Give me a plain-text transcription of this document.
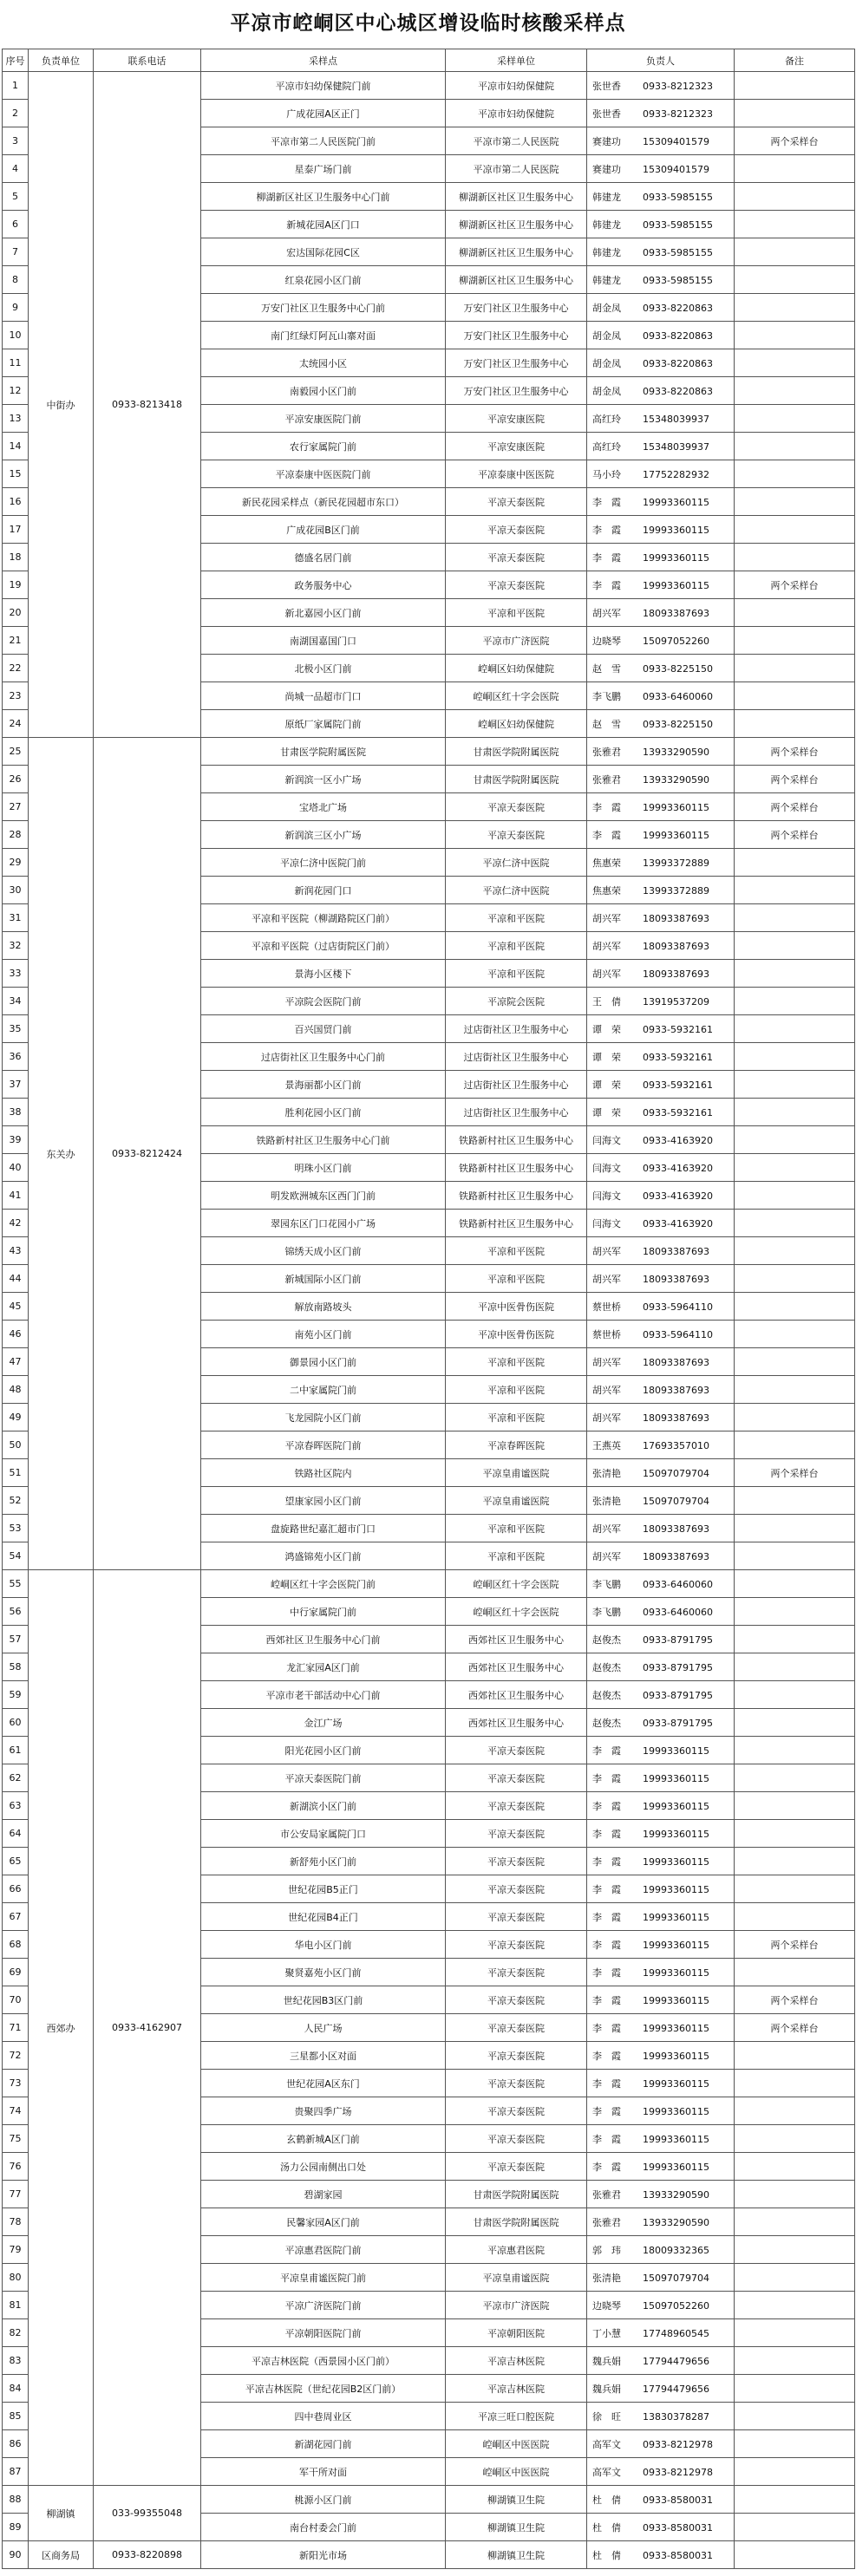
平凉市崆峒区中心城区增设临时核酸采样点
序号	负责单位	联系电话	采样点	采样单位	负责人	备注
1	中街办	0933-8213418	平凉市妇幼保健院门前	平凉市妇幼保健院	张世香 0933-8212323	
2			广成花园A区正门	平凉市妇幼保健院	张世香 0933-8212323	
3			平凉市第二人民医院门前	平凉市第二人民医院	赛建功 15309401579	两个采样台
4			星泰广场门前	平凉市第二人民医院	赛建功 15309401579	
5			柳湖新区社区卫生服务中心门前	柳湖新区社区卫生服务中心	韩建龙 0933-5985155	
6			新城花园A区门口	柳湖新区社区卫生服务中心	韩建龙 0933-5985155	
7			宏达国际花园C区	柳湖新区社区卫生服务中心	韩建龙 0933-5985155	
8			红泉花园小区门前	柳湖新区社区卫生服务中心	韩建龙 0933-5985155	
9			万安门社区卫生服务中心门前	万安门社区卫生服务中心	胡金凤 0933-8220863	
10			南门红绿灯阿瓦山寨对面	万安门社区卫生服务中心	胡金凤 0933-8220863	
11			太统园小区	万安门社区卫生服务中心	胡金凤 0933-8220863	
12			南毅园小区门前	万安门社区卫生服务中心	胡金凤 0933-8220863	
13			平凉安康医院门前	平凉安康医院	高红玲 15348039937	
14			农行家属院门前	平凉安康医院	高红玲 15348039937	
15			平凉泰康中医医院门前	平凉泰康中医医院	马小玲 17752282932	
16			新民花园采样点（新民花园超市东口）	平凉天泰医院	李　霞 19993360115	
17			广成花园B区门前	平凉天泰医院	李　霞 19993360115	
18			德盛名居门前	平凉天泰医院	李　霞 19993360115	
19			政务服务中心	平凉天泰医院	李　霞 19993360115	两个采样台
20			新北嘉园小区门前	平凉和平医院	胡兴军 18093387693	
21			南湖国嘉国门口	平凉市广济医院	边晓琴 15097052260	
22			北极小区门前	崆峒区妇幼保健院	赵　雪 0933-8225150	
23			尚城一品超市门口	崆峒区红十字会医院	李飞鹏 0933-6460060	
24			原纸厂家属院门前	崆峒区妇幼保健院	赵　雪 0933-8225150	
25	东关办	0933-8212424	甘肃医学院附属医院	甘肃医学院附属医院	张雅君 13933290590	两个采样台
26			新润滨一区小广场	甘肃医学院附属医院	张雅君 13933290590	两个采样台
27			宝塔北广场	平凉天泰医院	李　霞 19993360115	两个采样台
28			新润滨三区小广场	平凉天泰医院	李　霞 19993360115	两个采样台
29			平凉仁济中医院门前	平凉仁济中医院	焦惠荣 13993372889	
30			新润花园门口	平凉仁济中医院	焦惠荣 13993372889	
31			平凉和平医院（柳湖路院区门前）	平凉和平医院	胡兴军 18093387693	
32			平凉和平医院（过店街院区门前）	平凉和平医院	胡兴军 18093387693	
33			景海小区楼下	平凉和平医院	胡兴军 18093387693	
34			平凉院会医院门前	平凉院会医院	王　倩 13919537209	
35			百兴国贸门前	过店街社区卫生服务中心	谭　荣 0933-5932161	
36			过店街社区卫生服务中心门前	过店街社区卫生服务中心	谭　荣 0933-5932161	
37			景海丽都小区门前	过店街社区卫生服务中心	谭　荣 0933-5932161	
38			胜利花园小区门前	过店街社区卫生服务中心	谭　荣 0933-5932161	
39			铁路新村社区卫生服务中心门前	铁路新村社区卫生服务中心	闫海文 0933-4163920	
40			明珠小区门前	铁路新村社区卫生服务中心	闫海文 0933-4163920	
41			明发欧洲城东区西门门前	铁路新村社区卫生服务中心	闫海文 0933-4163920	
42			翠园东区门口花园小广场	铁路新村社区卫生服务中心	闫海文 0933-4163920	
43			锦绣天成小区门前	平凉和平医院	胡兴军 18093387693	
44			新城国际小区门前	平凉和平医院	胡兴军 18093387693	
45			解放南路坡头	平凉中医骨伤医院	蔡世桥 0933-5964110	
46			南苑小区门前	平凉中医骨伤医院	蔡世桥 0933-5964110	
47			御景园小区门前	平凉和平医院	胡兴军 18093387693	
48			二中家属院门前	平凉和平医院	胡兴军 18093387693	
49			飞龙园院小区门前	平凉和平医院	胡兴军 18093387693	
50			平凉春晖医院门前	平凉春晖医院	王燕英 17693357010	
51			铁路社区院内	平凉皇甫谧医院	张清艳 15097079704	两个采样台
52			望康家园小区门前	平凉皇甫谧医院	张清艳 15097079704	
53			盘旋路世纪嘉汇超市门口	平凉和平医院	胡兴军 18093387693	
54			鸿盛锦苑小区门前	平凉和平医院	胡兴军 18093387693	
55	西郊办	0933-4162907	崆峒区红十字会医院门前	崆峒区红十字会医院	李飞鹏 0933-6460060	
56			中行家属院门前	崆峒区红十字会医院	李飞鹏 0933-6460060	
57			西郊社区卫生服务中心门前	西郊社区卫生服务中心	赵俊杰 0933-8791795	
58			龙汇家园A区门前	西郊社区卫生服务中心	赵俊杰 0933-8791795	
59			平凉市老干部活动中心门前	西郊社区卫生服务中心	赵俊杰 0933-8791795	
60			金江广场	西郊社区卫生服务中心	赵俊杰 0933-8791795	
61			阳光花园小区门前	平凉天泰医院	李　霞 19993360115	
62			平凉天泰医院门前	平凉天泰医院	李　霞 19993360115	
63			新湖滨小区门前	平凉天泰医院	李　霞 19993360115	
64			市公安局家属院门口	平凉天泰医院	李　霞 19993360115	
65			新舒苑小区门前	平凉天泰医院	李　霞 19993360115	
66			世纪花园B5正门	平凉天泰医院	李　霞 19993360115	
67			世纪花园B4正门	平凉天泰医院	李　霞 19993360115	
68			华电小区门前	平凉天泰医院	李　霞 19993360115	两个采样台
69			聚贤嘉苑小区门前	平凉天泰医院	李　霞 19993360115	
70			世纪花园B3区门前	平凉天泰医院	李　霞 19993360115	两个采样台
71			人民广场	平凉天泰医院	李　霞 19993360115	两个采样台
72			三星都小区对面	平凉天泰医院	李　霞 19993360115	
73			世纪花园A区东门	平凉天泰医院	李　霞 19993360115	
74			贵聚四季广场	平凉天泰医院	李　霞 19993360115	
75			玄鹤新城A区门前	平凉天泰医院	李　霞 19993360115	
76			汤力公园南侧出口处	平凉天泰医院	李　霞 19993360115	
77			碧湖家园	甘肃医学院附属医院	张雅君 13933290590	
78			民馨家园A区门前	甘肃医学院附属医院	张雅君 13933290590	
79			平凉惠君医院门前	平凉惠君医院	郭　玮 18009332365	
80			平凉皇甫谧医院门前	平凉皇甫谧医院	张清艳 15097079704	
81			平凉广济医院门前	平凉市广济医院	边晓琴 15097052260	
82			平凉朝阳医院门前	平凉朝阳医院	丁小慧 17748960545	
83			平凉吉林医院（西景园小区门前）	平凉吉林医院	魏兵娟 17794479656	
84			平凉吉林医院（世纪花园B2区门前）	平凉吉林医院	魏兵娟 17794479656	
85			四中巷周业区	平凉三旺口腔医院	徐　旺 13830378287	
86			新湖花园门前	崆峒区中医医院	高军文 0933-8212978	
87			军干所对面	崆峒区中医医院	高军文 0933-8212978	
88	柳湖镇	033-99355048	桃源小区门前	柳湖镇卫生院	杜　倩 0933-8580031	
89			南台村委会门前	柳湖镇卫生院	杜　倩 0933-8580031	
90	区商务局	0933-8220898	新阳光市场	柳湖镇卫生院	杜　倩 0933-8580031	
